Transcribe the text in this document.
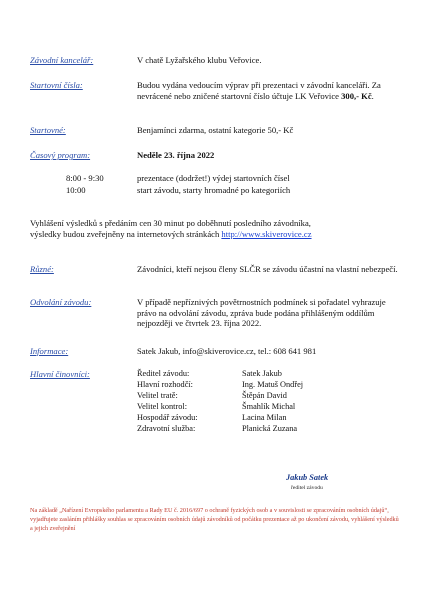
Závodní kancelář:	V chatě Lyžařského klubu Veřovice.
Startovní čísla:	Budou vydána vedoucím výprav při prezentaci v závodní kanceláři. Za nevrácené nebo zničené startovní číslo účtuje LK Veřovice 300,- Kč.
Startovné:	Benjamínci zdarma, ostatní kategorie 50,- Kč
Časový program:	Neděle 23. října 2022
8:00 - 9:30	prezentace (dodržet!) výdej startovních čísel
10:00	start závodu, starty hromadné po kategoriích
Vyhlášení výsledků s předáním cen 30 minut po doběhnutí posledního závodníka,
výsledky budou zveřejněny na internetových stránkách http://www.skiverovice.cz
Různé:	Závodníci, kteří nejsou členy SLČR se závodu účastní na vlastní nebezpečí.
Odvolání závodu:	V případě nepříznivých povětrnostních podmínek si pořadatel vyhrazuje právo na odvolání závodu, zpráva bude podána přihlášeným oddílům nejpozději ve čtvrtek 23. října 2022.
Informace:	Satek Jakub, info@skiverovice.cz, tel.: 608 641 981
Hlavní činovníci:	Ředitel závodu:	Satek Jakub
Hlavní rozhodčí:	Ing. Matuš Ondřej
Velitel tratě:	Štěpán David
Velitel kontrol:	Šmahlík Michal
Hospodář závodu:	Lacina Milan
Zdravotní služba:	Planická Zuzana
Jakub Satek
ředitel závodu
Na základě „Nařízení Evropského parlamentu a Rady EU č. 2016/697 o ochraně fyzických osob a v souvislosti se zpracováním osobních údajů“, vyjadřujete zasláním přihlášky souhlas se zpracováním osobních údajů závodníků od počátku prezentace až po ukončení závodu, vyhlášení výsledků a jejich zveřejnění
